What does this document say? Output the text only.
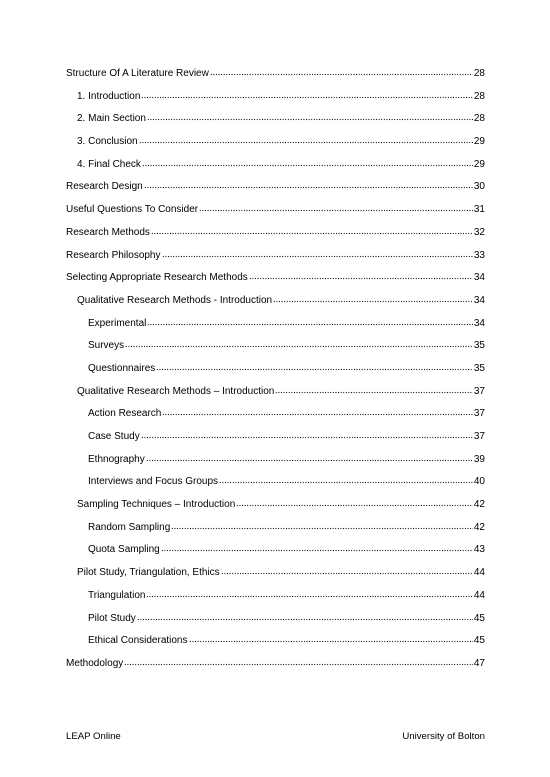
Structure Of A Literature Review	28
1. Introduction	28
2. Main Section	28
3. Conclusion	29
4. Final Check	29
Research Design	30
Useful Questions To Consider	31
Research Methods	32
Research Philosophy	33
Selecting Appropriate Research Methods	34
Qualitative Research Methods - Introduction	34
Experimental	34
Surveys	35
Questionnaires	35
Qualitative Research Methods – Introduction	37
Action Research	37
Case Study	37
Ethnography	39
Interviews and Focus Groups	40
Sampling Techniques – Introduction	42
Random Sampling	42
Quota Sampling	43
Pilot Study, Triangulation, Ethics	44
Triangulation	44
Pilot Study	45
Ethical Considerations	45
Methodology	47
LEAP Online	University of Bolton
